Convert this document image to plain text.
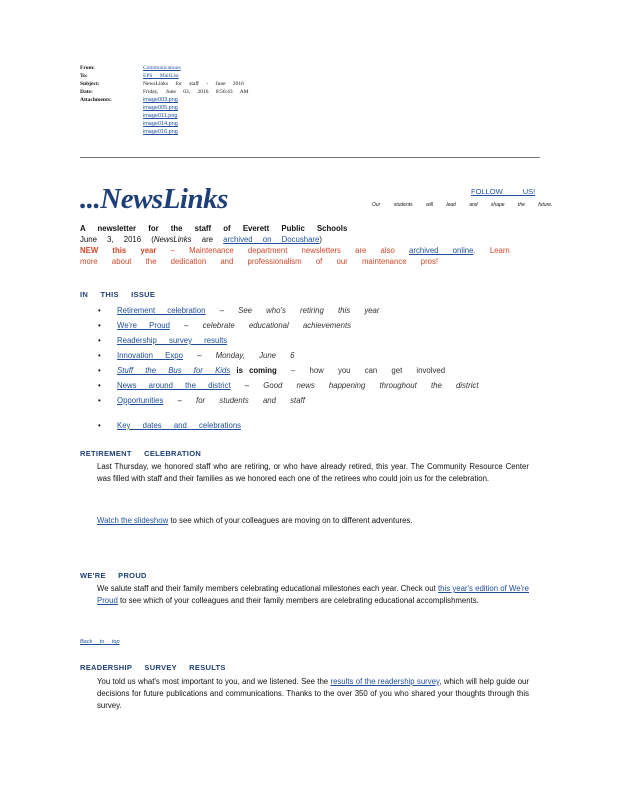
From:	Communications
To:	EPS MailList
Subject:	NewsLinks for staff - June 2016
Date:	Friday, June 03, 2016 8:56:43 AM
Attachments:	image003.png
image005.png
image011.png
image014.png
image016.png
...NewsLinks	FOLLOW US!
Our students will lead and shape the future.
A newsletter for the staff of Everett Public Schools
June 3, 2016 (NewsLinks are archived on Docushare)
NEW this year – Maintenance department newsletters are also archived online. Learn more about the dedication and professionalism of our maintenance pros!
IN THIS ISSUE
• Retirement celebration – See who's retiring this year
• We're Proud – celebrate educational achievements
• Readership survey results
• Innovation Expo – Monday, June 6
• Stuff the Bus for Kids is coming – how you can get involved
• News around the district – Good news happening throughout the district
• Opportunities – for students and staff
• Key dates and celebrations
RETIREMENT CELEBRATION
Last Thursday, we honored staff who are retiring, or who have already retired, this year. The Community Resource Center was filled with staff and their families as we honored each one of the retirees who could join us for the celebration.
Watch the slideshow to see which of your colleagues are moving on to different adventures.
WE'RE PROUD
We salute staff and their family members celebrating educational milestones each year. Check out this year's edition of We're Proud to see which of your colleagues and their family members are celebrating educational accomplishments.
Back to top
READERSHIP SURVEY RESULTS
You told us what's most important to you, and we listened. See the results of the readership survey, which will help guide our decisions for future publications and communications. Thanks to the over 350 of you who shared your thoughts through this survey.
